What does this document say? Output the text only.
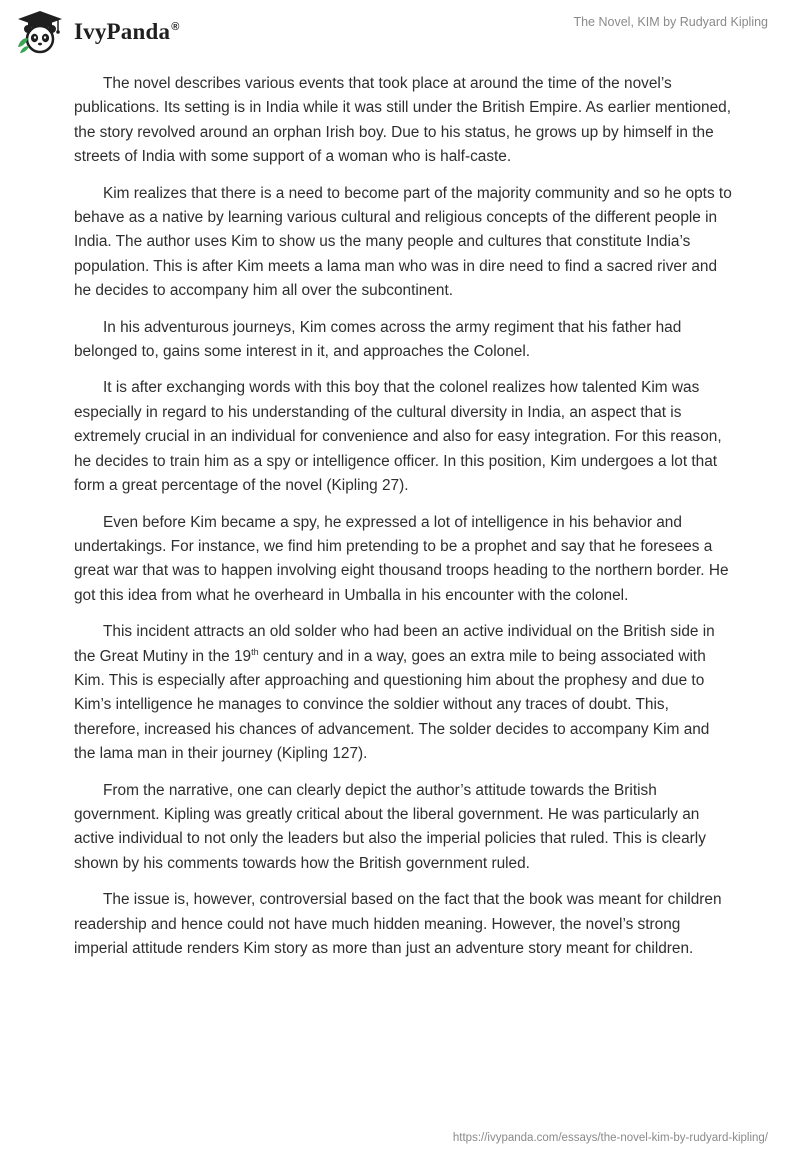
IvyPanda®	The Novel, KIM by Rudyard Kipling

The novel describes various events that took place at around the time of the novel’s publications. Its setting is in India while it was still under the British Empire. As earlier mentioned, the story revolved around an orphan Irish boy. Due to his status, he grows up by himself in the streets of India with some support of a woman who is half-caste.

Kim realizes that there is a need to become part of the majority community and so he opts to behave as a native by learning various cultural and religious concepts of the different people in India. The author uses Kim to show us the many people and cultures that constitute India’s population. This is after Kim meets a lama man who was in dire need to find a sacred river and he decides to accompany him all over the subcontinent.

In his adventurous journeys, Kim comes across the army regiment that his father had belonged to, gains some interest in it, and approaches the Colonel.

It is after exchanging words with this boy that the colonel realizes how talented Kim was especially in regard to his understanding of the cultural diversity in India, an aspect that is extremely crucial in an individual for convenience and also for easy integration. For this reason, he decides to train him as a spy or intelligence officer. In this position, Kim undergoes a lot that form a great percentage of the novel (Kipling 27).

Even before Kim became a spy, he expressed a lot of intelligence in his behavior and undertakings. For instance, we find him pretending to be a prophet and say that he foresees a great war that was to happen involving eight thousand troops heading to the northern border. He got this idea from what he overheard in Umballa in his encounter with the colonel.

This incident attracts an old solder who had been an active individual on the British side in the Great Mutiny in the 19th century and in a way, goes an extra mile to being associated with Kim. This is especially after approaching and questioning him about the prophesy and due to Kim’s intelligence he manages to convince the soldier without any traces of doubt. This, therefore, increased his chances of advancement. The solder decides to accompany Kim and the lama man in their journey (Kipling 127).

From the narrative, one can clearly depict the author’s attitude towards the British government. Kipling was greatly critical about the liberal government. He was particularly an active individual to not only the leaders but also the imperial policies that ruled. This is clearly shown by his comments towards how the British government ruled.

The issue is, however, controversial based on the fact that the book was meant for children readership and hence could not have much hidden meaning. However, the novel’s strong imperial attitude renders Kim story as more than just an adventure story meant for children.

https://ivypanda.com/essays/the-novel-kim-by-rudyard-kipling/
